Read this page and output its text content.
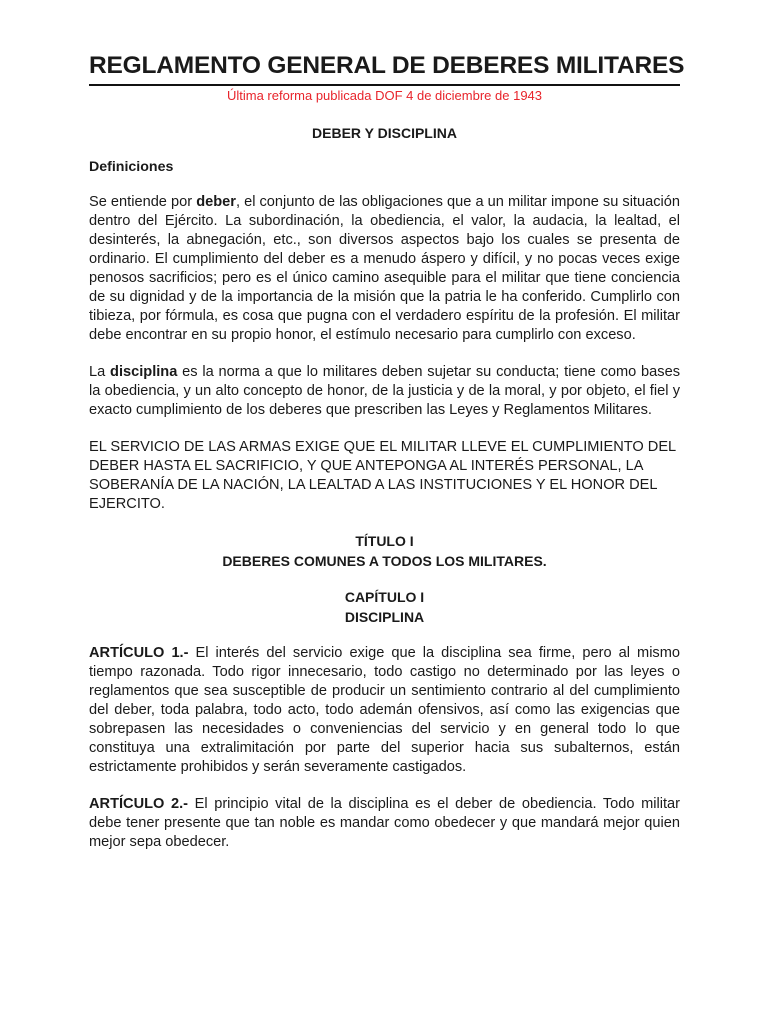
REGLAMENTO GENERAL DE DEBERES MILITARES

Última reforma publicada DOF 4 de diciembre de 1943

DEBER Y DISCIPLINA

Definiciones

Se entiende por deber, el conjunto de las obligaciones que a un militar impone su situación dentro del Ejército. La subordinación, la obediencia, el valor, la audacia, la lealtad, el desinterés, la abnegación, etc., son diversos aspectos bajo los cuales se presenta de ordinario. El cumplimiento del deber es a menudo áspero y difícil, y no pocas veces exige penosos sacrificios; pero es el único camino asequible para el militar que tiene conciencia de su dignidad y de la importancia de la misión que la patria le ha conferido. Cumplirlo con tibieza, por fórmula, es cosa que pugna con el verdadero espíritu de la profesión. El militar debe encontrar en su propio honor, el estímulo necesario para cumplirlo con exceso.

La disciplina es la norma a que lo militares deben sujetar su conducta; tiene como bases la obediencia, y un alto concepto de honor, de la justicia y de la moral, y por objeto, el fiel y exacto cumplimiento de los deberes que prescriben las Leyes y Reglamentos Militares.

EL SERVICIO DE LAS ARMAS EXIGE QUE EL MILITAR LLEVE EL CUMPLIMIENTO DEL DEBER HASTA EL SACRIFICIO, Y QUE ANTEPONGA AL INTERÉS PERSONAL, LA SOBERANÍA DE LA NACIÓN, LA LEALTAD A LAS INSTITUCIONES Y EL HONOR DEL EJERCITO.

TÍTULO I

DEBERES COMUNES A TODOS LOS MILITARES.

CAPÍTULO I

DISCIPLINA

ARTÍCULO 1.- El interés del servicio exige que la disciplina sea firme, pero al mismo tiempo razonada. Todo rigor innecesario, todo castigo no determinado por las leyes o reglamentos que sea susceptible de producir un sentimiento contrario al del cumplimiento del deber, toda palabra, todo acto, todo ademán ofensivos, así como las exigencias que sobrepasen las necesidades o conveniencias del servicio y en general todo lo que constituya una extralimitación por parte del superior hacia sus subalternos, están estrictamente prohibidos y serán severamente castigados.

ARTÍCULO 2.- El principio vital de la disciplina es el deber de obediencia. Todo militar debe tener presente que tan noble es mandar como obedecer y que mandará mejor quien mejor sepa obedecer.
